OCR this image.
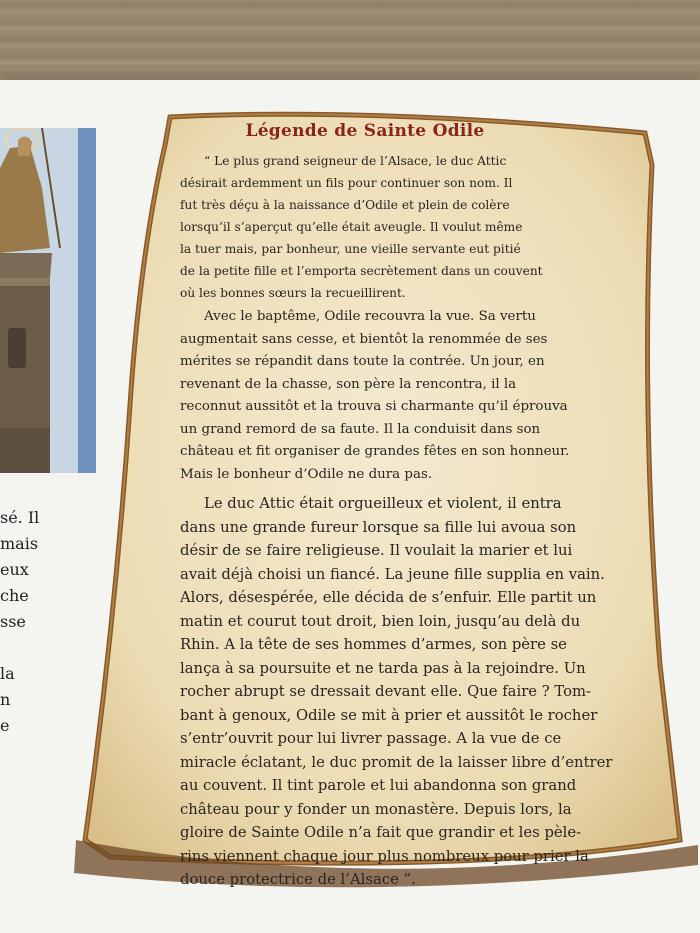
sé. Il
mais
eux
che
sse
la
n
e
Légende de Sainte Odile
“ Le plus grand seigneur de l’Alsace, le duc Attic
désirait ardemment un fils pour continuer son nom. Il
fut très déçu à la naissance d’Odile et plein de colère
lorsqu’il s’aperçut qu’elle était aveugle. Il voulut même
la tuer mais, par bonheur, une vieille servante eut pitié
de la petite fille et l’emporta secrètement dans un couvent
où les bonnes sœurs la recueillirent.
Avec le baptême, Odile recouvra la vue. Sa vertu
augmentait sans cesse, et bientôt la renommée de ses
mérites se répandit dans toute la contrée. Un jour, en
revenant de la chasse, son père la rencontra, il la
reconnut aussitôt et la trouva si charmante qu’il éprouva
un grand remord de sa faute. Il la conduisit dans son
château et fit organiser de grandes fêtes en son honneur.
Mais le bonheur d’Odile ne dura pas.
Le duc Attic était orgueilleux et violent, il entra
dans une grande fureur lorsque sa fille lui avoua son
désir de se faire religieuse. Il voulait la marier et lui
avait déjà choisi un fiancé. La jeune fille supplia en vain.
Alors, désespérée, elle décida de s’enfuir. Elle partit un
matin et courut tout droit, bien loin, jusqu’au delà du
Rhin. A la tête de ses hommes d’armes, son père se
lança à sa poursuite et ne tarda pas à la rejoindre. Un
rocher abrupt se dressait devant elle. Que faire ? Tom-
bant à genoux, Odile se mit à prier et aussitôt le rocher
s’entr’ouvrit pour lui livrer passage. A la vue de ce
miracle éclatant, le duc promit de la laisser libre d’entrer
au couvent. Il tint parole et lui abandonna son grand
château pour y fonder un monastère. Depuis lors, la
gloire de Sainte Odile n’a fait que grandir et les pèle-
rins viennent chaque jour plus nombreux pour prier la
douce protectrice de l’Alsace ”.
